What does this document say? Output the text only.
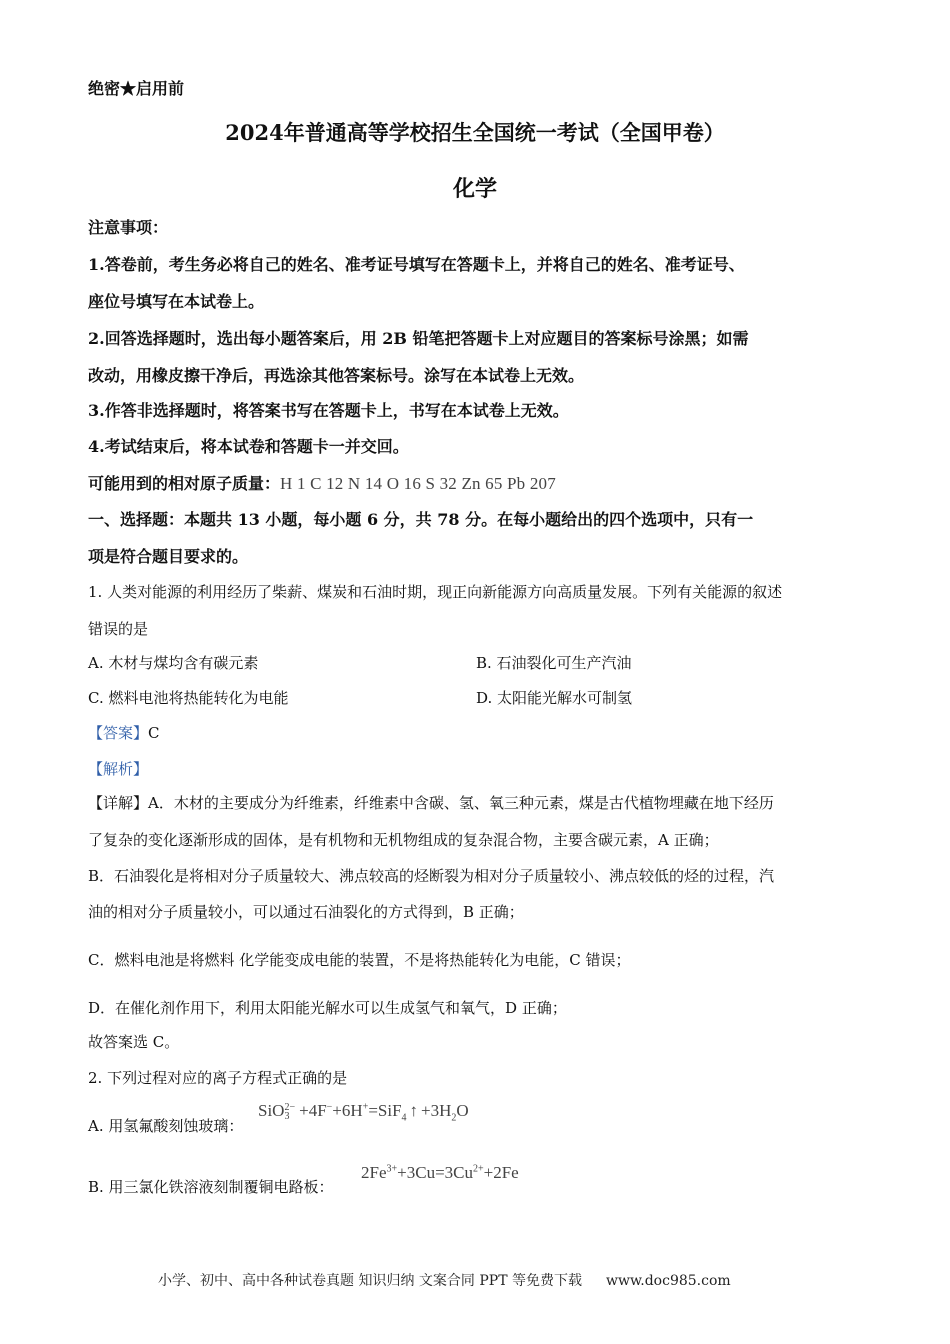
绝密★启用前
2024年普通高等学校招生全国统一考试（全国甲卷）
化学
注意事项：
1.答卷前，考生务必将自己的姓名、准考证号填写在答题卡上，并将自己的姓名、准考证号、
座位号填写在本试卷上。
2.回答选择题时，选出每小题答案后，用 2B 铅笔把答题卡上对应题目的答案标号涂黑；如需
改动，用橡皮擦干净后，再选涂其他答案标号。涂写在本试卷上无效。
3.作答非选择题时，将答案书写在答题卡上，书写在本试卷上无效。
4.考试结束后，将本试卷和答题卡一并交回。
可能用到的相对原子质量：H 1 C 12 N 14 O 16 S 32 Zn 65 Pb 207
一、选择题：本题共 13 小题，每小题 6 分，共 78 分。在每小题给出的四个选项中，只有一
项是符合题目要求的。
1. 人类对能源的利用经历了柴薪、煤炭和石油时期，现正向新能源方向高质量发展。下列有关能源的叙述
错误的是
A. 木材与煤均含有碳元素	B. 石油裂化可生产汽油
C. 燃料电池将热能转化为电能	D. 太阳能光解水可制氢
【答案】C
【解析】
【详解】A．木材的主要成分为纤维素，纤维素中含碳、氢、氧三种元素，煤是古代植物埋藏在地下经历
了复杂的变化逐渐形成的固体，是有机物和无机物组成的复杂混合物，主要含碳元素，A 正确；
B．石油裂化是将相对分子质量较大、沸点较高的烃断裂为相对分子质量较小、沸点较低的烃的过程，汽
油的相对分子质量较小，可以通过石油裂化的方式得到，B 正确；
C．燃料电池是将燃料 化学能变成电能的装置，不是将热能转化为电能，C 错误；
D．在催化剂作用下，利用太阳能光解水可以生成氢气和氧气，D 正确；
故答案选 C。
2. 下列过程对应的离子方程式正确的是
A. 用氢氟酸刻蚀玻璃：
SiO 2−
3 +4F−+6H+=SiF$_4$ ↑ $+3H_2O$
B. 用三氯化铁溶液刻制覆铜电路板：
$2Fe^{3+}+3Cu=3Cu^{2+}+2Fe$
小学、初中、高中各种试卷真题 知识归纳 文案合同 PPT 等免费下载 www.doc985.com
